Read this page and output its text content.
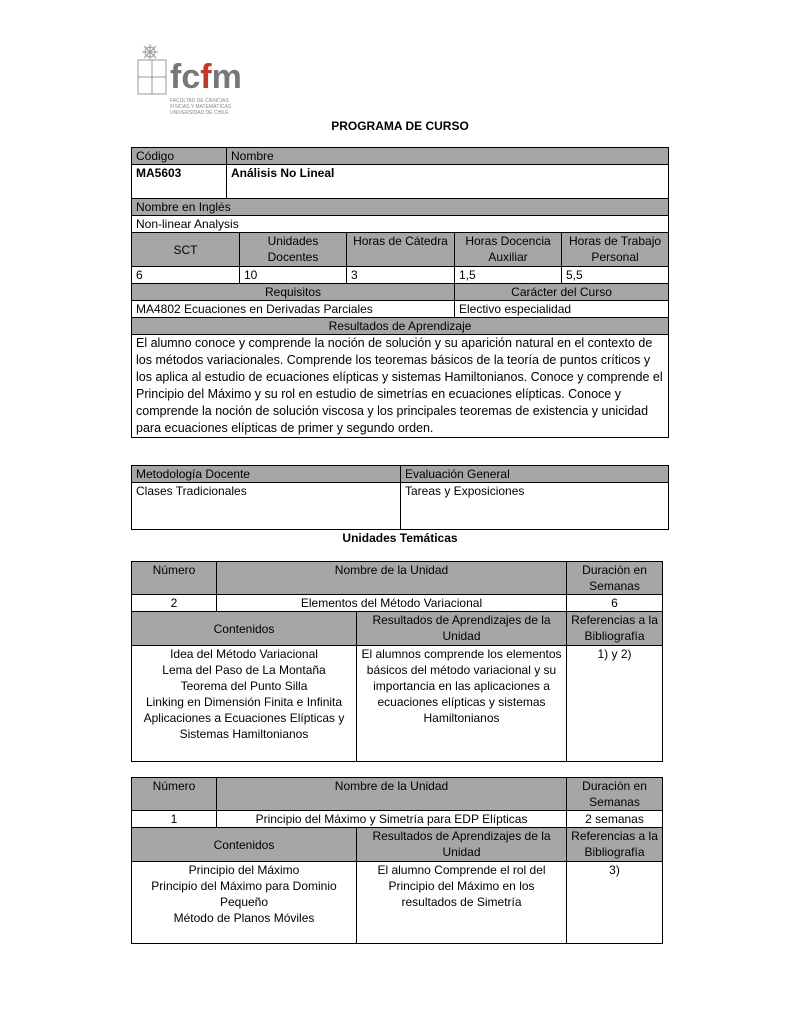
fcfm
FACULTAD DE CIENCIAS
FÍSICAS Y MATEMÁTICAS
UNIVERSIDAD DE CHILE
PROGRAMA DE CURSO
Código	Nombre				
MA5603	Análisis No Lineal				
Nombre en Inglés					
Non-linear Analysis					
SCT		Unidades Docentes	Horas de Cátedra	Horas Docencia Auxiliar	Horas de Trabajo Personal
6		10	3	1,5	5,5
Requisitos				Carácter del Curso	
MA4802 Ecuaciones en Derivadas Parciales				Electivo especialidad	
Resultados de Aprendizaje					
El alumno conoce y comprende la noción de solución y su aparición natural en el contexto de los métodos variacionales. Comprende los teoremas básicos de la teoría de puntos críticos y los aplica al estudio de ecuaciones elípticas y sistemas Hamiltonianos. Conoce y comprende el Principio del Máximo y su rol en estudio de simetrías en ecuaciones elípticas. Conoce y comprende la noción de solución viscosa y los principales teoremas de existencia y unicidad para ecuaciones elípticas de primer y segundo orden.					
Metodología Docente	Evaluación General
Clases Tradicionales	Tareas y Exposiciones
Unidades Temáticas
Número	Nombre de la Unidad		Duración en Semanas
2	Elementos del Método Variacional		6
Contenidos		Resultados de Aprendizajes de la Unidad	Referencias a la Bibliografía

Idea del Método Variacional
Lema del Paso de La Montaña
Teorema del Punto Silla
Linking en Dimensión Finita e Infinita
Aplicaciones a Ecuaciones Elípticas y Sistemas Hamiltonianos		El alumnos comprende los elementos básicos del método variacional y su importancia en las aplicaciones a ecuaciones elípticas y sistemas Hamiltonianos	1) y 2)
Número	Nombre de la Unidad		Duración en Semanas
1	Principio del Máximo y Simetría para EDP Elípticas		2 semanas
Contenidos		Resultados de Aprendizajes de la Unidad	Referencias a la Bibliografía

Principio del Máximo
Principio del Máximo para Dominio Pequeño
Método de Planos Móviles		El alumno Comprende el rol del Principio del Máximo en los resultados de Simetría	3)
